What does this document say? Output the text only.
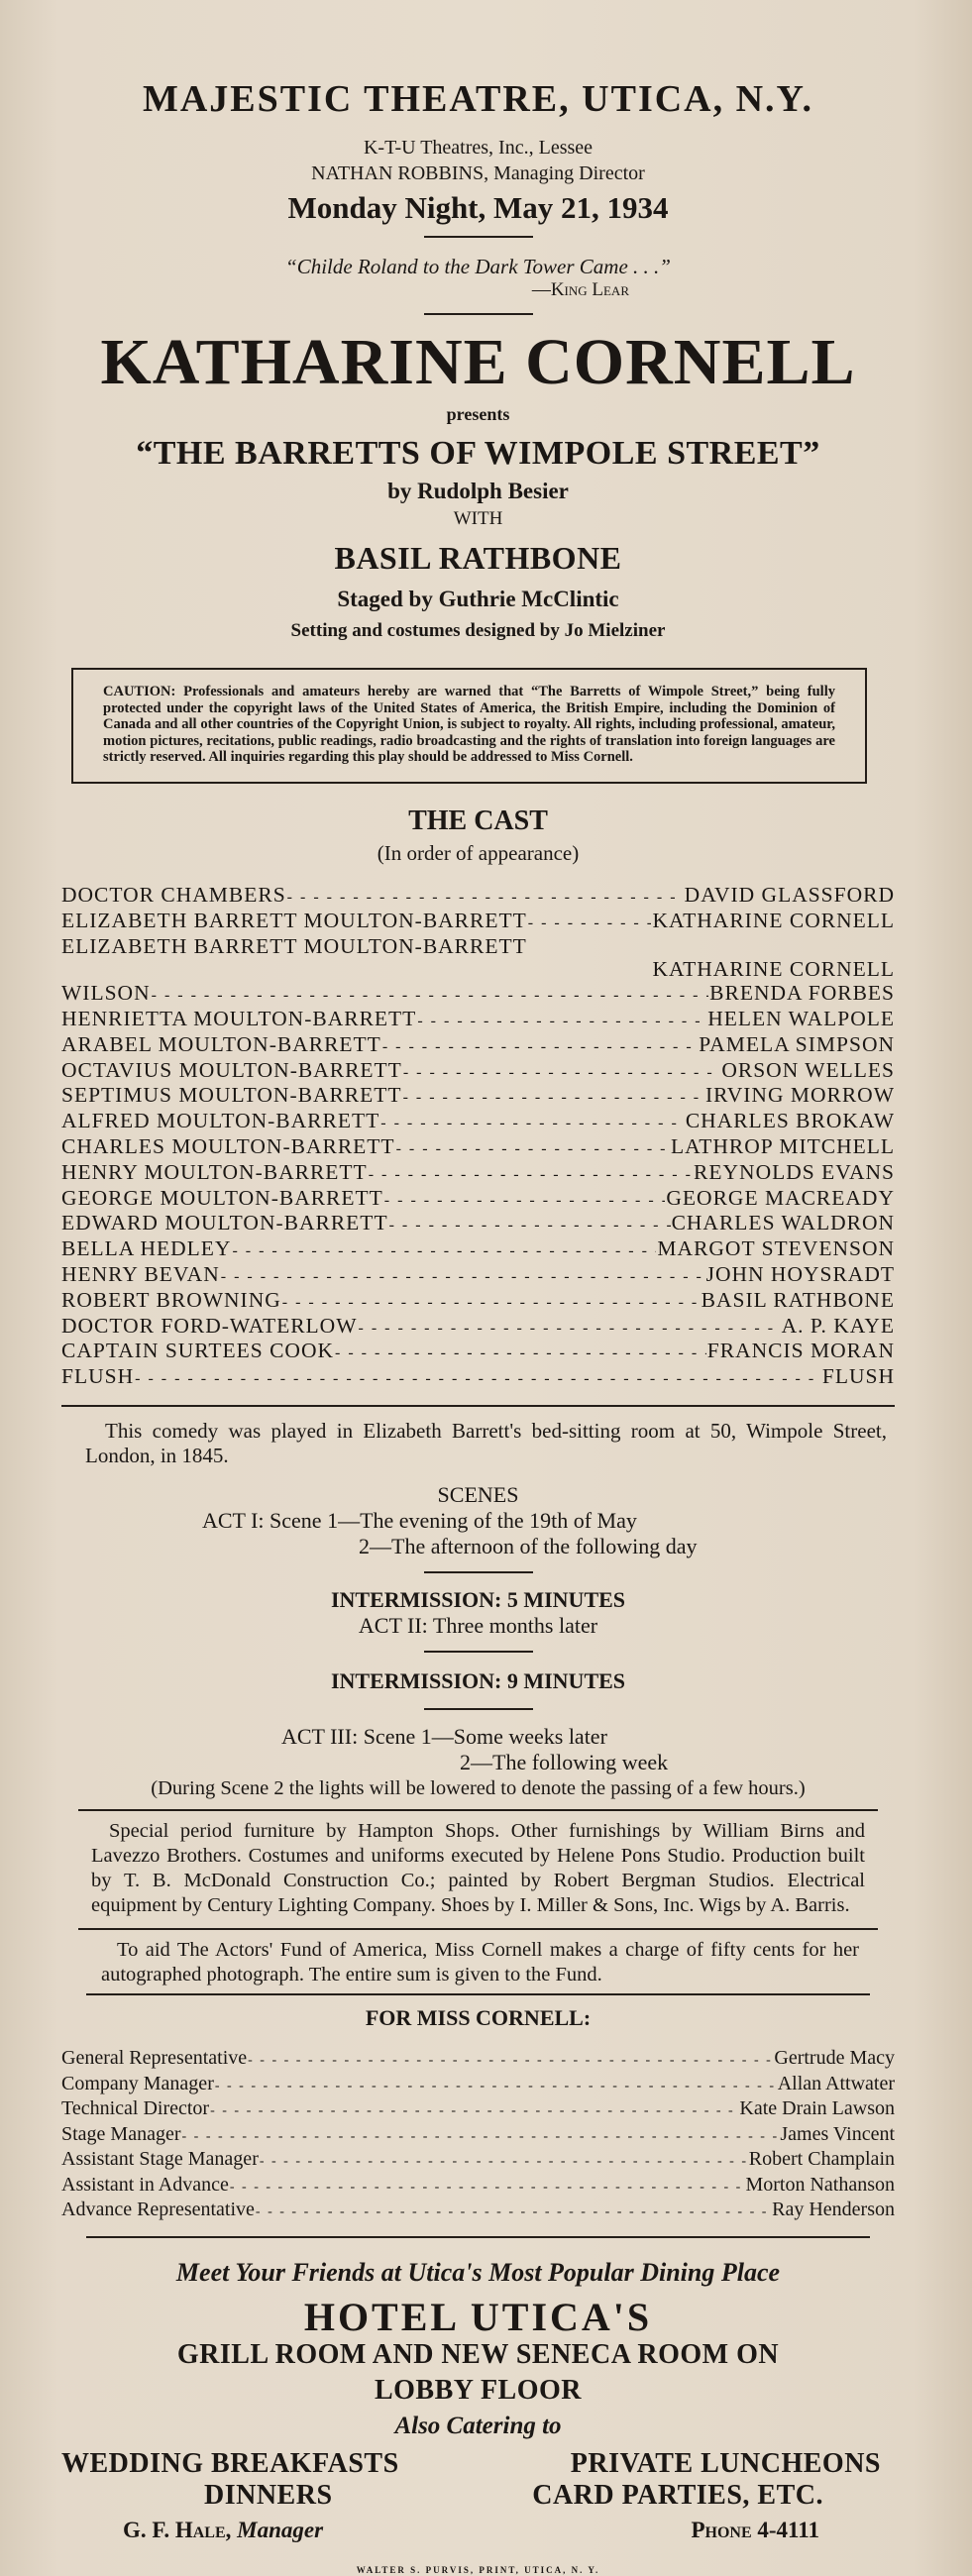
MAJESTIC THEATRE, UTICA, N.Y.
K-T-U Theatres, Inc., Lessee
NATHAN ROBBINS, Managing Director
Monday Night, May 21, 1934
“Childe Roland to the Dark Tower Came . . .”
—King Lear
KATHARINE CORNELL
presents
“THE BARRETTS OF WIMPOLE STREET”
by Rudolph Besier
WITH
BASIL RATHBONE
Staged by Guthrie McClintic
Setting and costumes designed by Jo Mielziner
CAUTION: Professionals and amateurs hereby are warned that “The Barretts of Wimpole Street,” being fully protected under the copyright laws of the United States of America, the British Empire, including the Dominion of Canada and all other countries of the Copyright Union, is subject to royalty. All rights, including professional, amateur, motion pictures, recitations, public readings, radio broadcasting and the rights of translation into foreign languages are strictly reserved. All inquiries regarding this play should be addressed to Miss Cornell.
THE CAST
(In order of appearance)
DOCTOR CHAMBERS - - -	DAVID GLASSFORD
ELIZABETH BARRETT MOULTON-BARRETT - - -	KATHARINE CORNELL
ELIZABETH BARRETT MOULTON-BARRETT
KATHARINE CORNELL
WILSON - - -	BRENDA FORBES
HENRIETTA MOULTON-BARRETT - - -	HELEN WALPOLE
ARABEL MOULTON-BARRETT - - -	PAMELA SIMPSON
OCTAVIUS MOULTON-BARRETT - - -	ORSON WELLES
SEPTIMUS MOULTON-BARRETT - - -	IRVING MORROW
ALFRED MOULTON-BARRETT - - -	CHARLES BROKAW
CHARLES MOULTON-BARRETT - - -	LATHROP MITCHELL
HENRY MOULTON-BARRETT - - -	REYNOLDS EVANS
GEORGE MOULTON-BARRETT - - -	GEORGE MACREADY
EDWARD MOULTON-BARRETT - - -	CHARLES WALDRON
BELLA HEDLEY - - -	MARGOT STEVENSON
HENRY BEVAN - - -	JOHN HOYSRADT
ROBERT BROWNING - - -	BASIL RATHBONE
DOCTOR FORD-WATERLOW - - -	A. P. KAYE
CAPTAIN SURTEES COOK - - -	FRANCIS MORAN
FLUSH - - -	FLUSH
This comedy was played in Elizabeth Barrett's bed-sitting room at 50, Wimpole Street, London, in 1845.
SCENES
ACT I: Scene 1—The evening of the 19th of May
2—The afternoon of the following day
INTERMISSION: 5 MINUTES
ACT II: Three months later
INTERMISSION: 9 MINUTES
ACT III: Scene 1—Some weeks later
2—The following week
(During Scene 2 the lights will be lowered to denote the passing of a few hours.)
Special period furniture by Hampton Shops. Other furnishings by William Birns and Lavezzo Brothers. Costumes and uniforms executed by Helene Pons Studio. Production built by T. B. McDonald Construction Co.; painted by Robert Bergman Studios. Electrical equipment by Century Lighting Company. Shoes by I. Miller & Sons, Inc. Wigs by A. Barris.
To aid The Actors' Fund of America, Miss Cornell makes a charge of fifty cents for her autographed photograph. The entire sum is given to the Fund.
FOR MISS CORNELL:
General Representative - - -	Gertrude Macy
Company Manager - - -	Allan Attwater
Technical Director - - -	Kate Drain Lawson
Stage Manager - - -	James Vincent
Assistant Stage Manager - - -	Robert Champlain
Assistant in Advance - - -	Morton Nathanson
Advance Representative - - -	Ray Henderson
Meet Your Friends at Utica's Most Popular Dining Place
HOTEL UTICA'S
GRILL ROOM AND NEW SENECA ROOM ON
LOBBY FLOOR
Also Catering to
WEDDING BREAKFASTS	PRIVATE LUNCHEONS
DINNERS	CARD PARTIES, ETC.
G. F. Hale, Manager	Phone 4-4111
WALTER S. PURVIS, PRINT, UTICA, N. Y.
